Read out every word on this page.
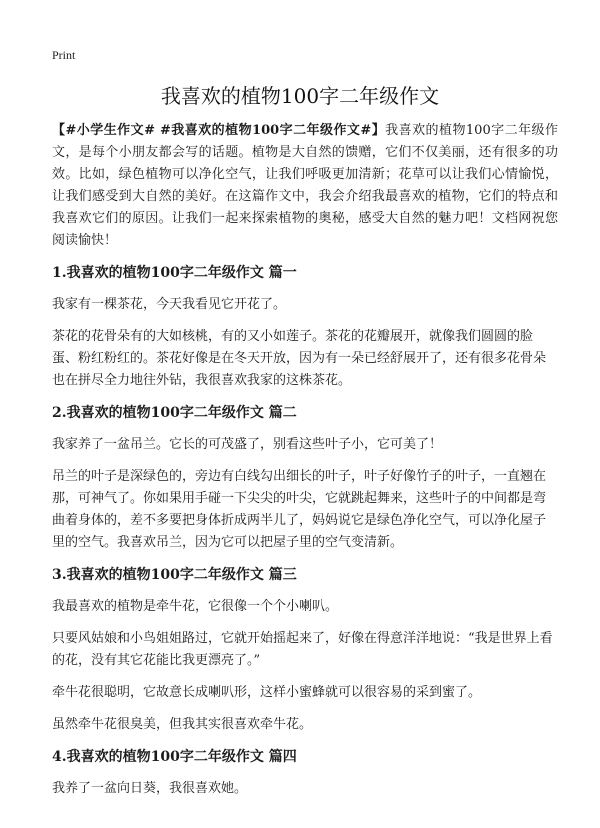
Print
我喜欢的植物100字二年级作文

【#小学生作文# #我喜欢的植物100字二年级作文#】我喜欢的植物100字二年级作文，是每个小朋友都会写的话题。植物是大自然的馈赠，它们不仅美丽，还有很多的功效。比如，绿色植物可以净化空气，让我们呼吸更加清新；花草可以让我们心情愉悦，让我们感受到大自然的美好。在这篇作文中，我会介绍我最喜欢的植物，它们的特点和我喜欢它们的原因。让我们一起来探索植物的奥秘，感受大自然的魅力吧！文档网祝您阅读愉快！

1.我喜欢的植物100字二年级作文 篇一

我家有一棵茶花，今天我看见它开花了。

茶花的花骨朵有的大如核桃，有的又小如莲子。茶花的花瓣展开，就像我们圆圆的脸蛋、粉红粉红的。茶花好像是在冬天开放，因为有一朵已经舒展开了，还有很多花骨朵也在拼尽全力地往外钻，我很喜欢我家的这株茶花。

2.我喜欢的植物100字二年级作文 篇二

我家养了一盆吊兰。它长的可茂盛了，别看这些叶子小，它可美了！

吊兰的叶子是深绿色的，旁边有白线勾出细长的叶子，叶子好像竹子的叶子，一直翘在那，可神气了。你如果用手碰一下尖尖的叶尖，它就跳起舞来，这些叶子的中间都是弯曲着身体的，差不多要把身体折成两半儿了，妈妈说它是绿色净化空气，可以净化屋子里的空气。我喜欢吊兰，因为它可以把屋子里的空气变清新。

3.我喜欢的植物100字二年级作文 篇三

我最喜欢的植物是牵牛花，它很像一个个小喇叭。

只要风姑娘和小鸟姐姐路过，它就开始摇起来了，好像在得意洋洋地说：“我是世界上看的花，没有其它花能比我更漂亮了。”

牵牛花很聪明，它故意长成喇叭形，这样小蜜蜂就可以很容易的采到蜜了。

虽然牵牛花很臭美，但我其实很喜欢牵牛花。

4.我喜欢的植物100字二年级作文 篇四

我养了一盆向日葵，我很喜欢她。
